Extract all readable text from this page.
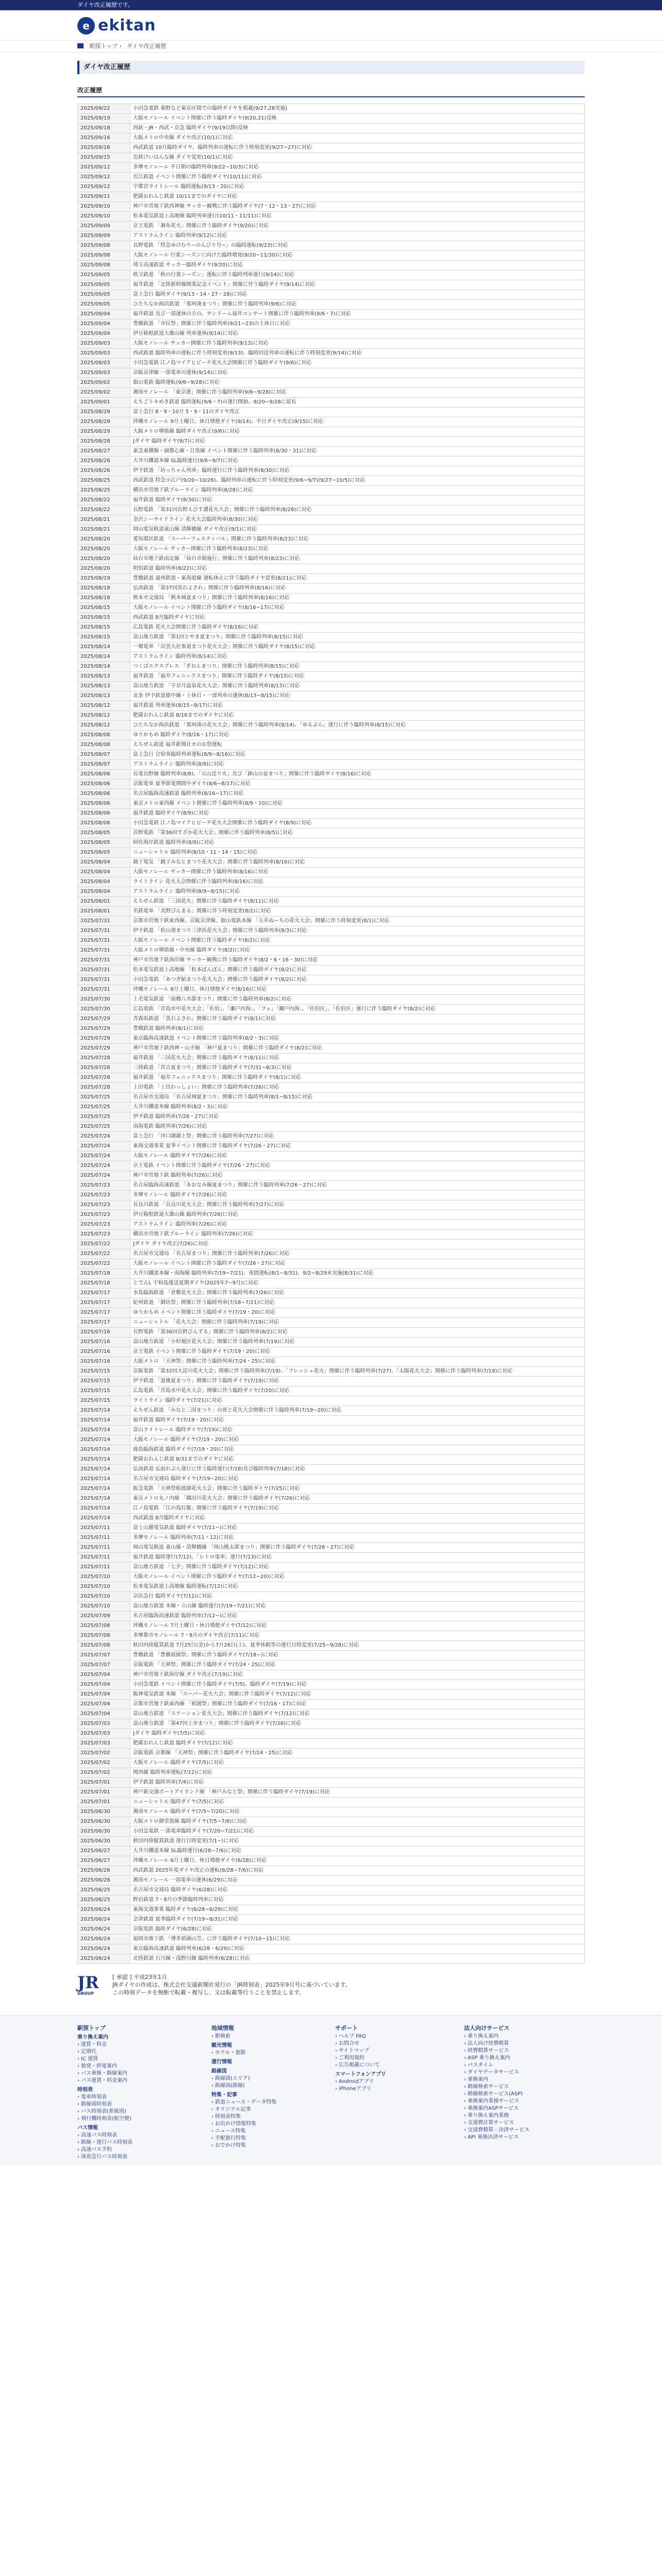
ダイヤ改正履歴です。
e ekitan
駅探トップ › ダイヤ改正履歴
ダイヤ改正履歴
改正履歴
2025/09/22	小田急電鉄 秦野など東京区間での臨時ダイヤを掲載(9/27,28実施)
2025/09/19	大阪モノレール イベント開催に伴う臨時ダイヤ(9/20,21)反映
2025/09/18	西鉄・JR・西武・京急 臨時ダイヤ(9/19以降)反映
2025/09/16	大阪メトロ中央線 ダイヤ改正(10/1)に対応
2025/09/16	西武鉄道 10月臨時ダイヤ、臨時列車の運転に伴う時刻変更(9/27~27)に対応
2025/09/15	近鉄けいはんな線 ダイヤ変更(10/1)に対応
2025/09/12	多摩モノレール 平日朝の臨時列車(9/22~10/3)に対応
2025/09/12	近江鉄道 イベント開催に伴う臨時ダイヤ(10/11)に対応
2025/09/12	宇都宮ライトレール 臨時運転(9/13・20)に対応
2025/09/11	肥薩おれんじ鉄道 10/11までのダイヤに対応
2025/09/10	神戸市営地下鉄西神線 サッカー観戦に伴う臨時ダイヤ(7・12・13・27)に対応
2025/09/10	松本電気鉄道上高地線 臨時列車運行(10/11・11/11)に対応
2025/09/09	京王電鉄 「調布花火」開催に伴う臨時ダイヤ(9/20)に対応
2025/09/09	アストラムライン 臨時列車(9/12)に対応
2025/09/08	長野電鉄 「特急ゆけむり~のんびり号~」の臨時運転(9/23)に対応
2025/09/08	大阪モノレール 行楽シーズンに向けた臨時増発(9/20~11/30)に対応
2025/09/08	埼玉高速鉄道 サッカー臨時ダイヤ(9/20)に対応
2025/09/05	秩父鉄道 「秋の行楽シーズン」運転に伴う臨時列車運行(9/14)に対応
2025/09/05	福井鉄道 「北陸新幹線開業記念イベント」開催に伴う臨時ダイヤ(9/14)に対応
2025/09/05	富士急行 臨時ダイヤ(9/13・14・27・28)に対応
2025/09/05	ひたちなか海浜鉄道 「那珂湊まつり」開催に伴う臨時列車(9/6)に対応
2025/09/04	福井鉄道 及び一部運休の方の、サンドーム福井コンサート開催に伴う臨時列車(9/6・7)に対応
2025/09/04	豊橋鉄道 「市民祭」開催に伴う臨時列車(9/21~23)の土休日に対応
2025/09/04	伊豆箱根鉄道大雄山線 列車運休(9/14)に対応
2025/09/03	大阪モノレール サッカー開催に伴う臨時列車(9/13)に対応
2025/09/03	西武鉄道 臨時列車の運転に伴う時刻変更(9/13)、臨時回送列車の運転に伴う時刻変更(9/14)に対応
2025/09/03	小田急電鉄 江ノ島マイアヒビーチ花火大会開催に伴う臨時ダイヤ(9/6)に対応
2025/09/03	京阪京津線 一部電車の運休(9/14)に対応
2025/09/02	叡山電鉄 臨時運転(9/6~9/28)に対応
2025/09/02	湘南モノレール 「東京港」開催に伴う臨時列車(9/6~9/28)に対応
2025/09/01	えちごトキめき鉄道 臨時運転(9/6・7)の運行開始、9/20~9/28に延長
2025/08/29	富士急行 8・9・10月 5・9・11のダイヤ改正
2025/08/29	沖縄モノレール 9月土曜日、休日増便ダイヤ(9/14)、平日ダイヤ改正(9/15)に対応
2025/08/29	大阪メトロ堺筋線 臨時ダイヤ改正(9/6)に対応
2025/08/28	Jダイヤ 臨時ダイヤ(9/7)に対応
2025/08/27	東急東横線・副都心線・目黒線 イベント開催に伴う臨時列車(8/30・31)に対応
2025/08/26	大井川鐵道本線 SL臨時運行(9/6~9/7)に対応
2025/08/26	伊予鉄道 「坊っちゃん列車」臨時運行に伴う臨時列車(8/30)に対応
2025/08/25	西武鉄道 特急小江戸(9/20~10/26)、臨時列車の運転に伴う時刻変更(9/6~9/7)(9/27~10/5)に対応
2025/08/25	横浜市営地下鉄ブルーライン 臨時列車(8/28)に対応
2025/08/22	福井鉄道 臨時ダイヤ(8/30)に対応
2025/08/22	長野電鉄 「第31回長野えびす講花火大会」開催に伴う臨時列車(8/28)に対応
2025/08/21	金沢シーサイドライン 花火大会臨時列車(8/30)に対応
2025/08/21	岡山電気軌道東山線 清輝橋線 ダイヤ改正(9/1)に対応
2025/08/20	愛知環状鉄道 「スーパーフェスティバル」開催に伴う臨時列車(8/23)に対応
2025/08/20	大阪モノレール サッカー開催に伴う臨時列車(8/23)に対応
2025/08/20	仙台市地下鉄南北線 「仙台市制施行」開催に伴う臨時列車(8/23)に対応
2025/08/20	明知鉄道 臨時列車(8/22)に対応
2025/08/19	豊橋鉄道 遠州鉄道・東海道線 運転休止に伴う臨時ダイヤ変更(8/21)に対応
2025/08/18	弘南鉄道 「第37回黒石よされ」開催に伴う臨時列車(8/16)に対応
2025/08/18	熊本市交通局 「熊本城夏まつり」開催に伴う臨時列車(8/16)に対応
2025/08/15	大阪モノレール イベント開催に伴う臨時ダイヤ(8/16~17)に対応
2025/08/15	西武鉄道 8月臨時ダイヤに対応
2025/08/15	広島電鉄 花火大会開催に伴う臨時ダイヤ(8/16)に対応
2025/08/15	富山地方鉄道 「第1回とやま夏まつり」開催に伴う臨時列車(8/15)に対応
2025/08/14	一畑電車 「出雲大社参道まつり花火大会」開催に伴う臨時ダイヤ(8/15)に対応
2025/08/14	アストラムライン 臨時列車(8/14)に対応
2025/08/14	つくばエクスプレス 「ぎおんまつり」開催に伴う臨時列車(8/15)に対応
2025/08/13	福井鉄道 「福井フェニックスまつり」開催に伴う臨時ダイヤ(8/15)に対応
2025/08/13	富山地方鉄道 「宇奈月温泉花火大会」開催に伴う臨時列車(8/13)に対応
2025/08/13	北条 伊予鉄道郡中線・土休日・一部列車の運休(8/13~8/15)に対応
2025/08/12	福井鉄道 列車運休(8/15~8/17)に対応
2025/08/12	肥薩おれんじ鉄道 8/16までのダイヤに対応
2025/08/12	ひたちなか海浜鉄道 「那珂湊の花火大会」開催に伴う臨時列車(8/14)、「ゆるぷら」運行に伴う臨時列車(8/15)に対応
2025/08/08	ゆりかもめ 臨時ダイヤ(8/16・17)に対応
2025/08/08	えちぜん鉄道 福井新聞社カのお祭運転
2025/08/07	富士急行 合宿客臨時列車運転(8/9~8/16)に対応
2025/08/07	アストラムライン 臨時列車(8/9)に対応
2025/08/06	長電長野線 臨時列車(8/8)、「五山送り火」及び「鉢山の盆まつり」開催に伴う臨時ダイヤ(8/16)に対応
2025/08/06	京阪電車 夏季節電期間中ダイヤ(8/6~8/17)に対応
2025/08/06	名古屋臨海高速鉄道 臨時列車(8/16~17)に対応
2025/08/06	東京メトロ東西線 イベント開催に伴う臨時列車(8/9・10)に対応
2025/08/06	福井鉄道 臨時ダイヤ(8/9)に対応
2025/08/06	小田急電鉄 江ノ島マイアヒビーチ花火大会開催に伴う臨時ダイヤ(8/9)に対応
2025/08/05	長野電鉄 「第36回すざか花火大会」開催に伴う臨時列車(8/5)に対応
2025/08/05	阿佐海岸鉄道 臨時列車(8/9)に対応
2025/08/05	ニューシャトル 臨時列車(8/10・11・14・15)に対応
2025/08/04	銚子電気 「銚子みなとまつり花火大会」開催に伴う臨時列車(8/16)に対応
2025/08/04	大阪モノレール サッカー開催に伴う臨時列車(8/16)に対応
2025/08/04	ライトライン 花火大会開催に伴う臨時列車(8/16)に対応
2025/08/04	アストラムライン 臨時列車(8/9~8/15)に対応
2025/08/01	えちぜん鉄道 「三国花火」開催に伴う臨時ダイヤ(8/11)に対応
2025/08/01	名鉄電車 「美野ぴんまる」開催に伴う時刻変更(8/2)に対応
2025/07/31	京都市営地下鉄東西線、京阪京津線、叡山電鉄本線 「五井ぬーちの花火大会」開催に伴う時刻変更(8/1)に対応
2025/07/31	伊予鉄道 「松山港まつり三津浜花火大会」開催に伴う臨時列車(8/3)に対応
2025/07/31	大阪モノレール イベント開催に伴う臨時ダイヤ(8/2)に対応
2025/07/31	大阪メトロ堺筋線・中央線 臨時ダイヤ(8/2)に対応
2025/07/31	神戸市営地下鉄海岸線 サッカー観戦に伴う臨時ダイヤ(8/2・6・16・30)に対応
2025/07/31	松本電気鉄道上高地線 「松本ぼんぼん」開催に伴う臨時ダイヤ(8/2)に対応
2025/07/31	小田急電鉄 「あつぎ鮎まつり花火大会」開催に伴う臨時ダイヤ(8/2)に対応
2025/07/31	沖縄モノレール 8月土曜日、休日増便ダイヤ(8/16)に対応
2025/07/30	上毛電気鉄道 「前橋八木節まつり」開催に伴う臨時列車(8/2)に対応
2025/07/30	広島電鉄 「宮島水中花火大会」「佐伯」、「瀬戸内海」、「フェ」「瀬戸内海」、「佐伯区」、「佐伯区」運行に伴う臨時ダイヤ(8/2)に対応
2025/07/29	青森県鉄道 「黒石よされ」開催に伴う臨時ダイヤ(8/1)に対応
2025/07/29	豊橋鉄道 臨時列車(8/1)に対応
2025/07/29	東京臨海高速鉄道 イベント開催に伴う臨時列車(8/2・3)に対応
2025/07/29	神戸市営地下鉄西神・山手線 「神戸夏まつり」開催に伴う臨時ダイヤ(8/2)に対応
2025/07/28	福井鉄道 「三国花火大会」開催に伴う臨時ダイヤ(8/11)に対応
2025/07/28	三陸鉄道 「宮古夏まつり」開催に伴う臨時ダイヤ(7/31~8/3)に対応
2025/07/28	福井鉄道 「福井フェニックスまつり」開催に伴う臨時ダイヤ(8/1)に対応
2025/07/28	上田電鉄 「上田わっしょい」開催に伴う臨時列車(7/26)に対応
2025/07/25	名古屋市交通局 「名古屋城夏まつり」開催に伴う臨時列車(8/1~8/15)に対応
2025/07/25	大井川鐵道本線 臨時列車(8/2・3)に対応
2025/07/25	伊予鉄道 臨時列車(7/26・27)に対応
2025/07/25	南海電鉄 臨時列車(7/26)に対応
2025/07/24	富士急行 「河口湖湖上祭」開催に伴う臨時列車(7/27)に対応
2025/07/24	東海交通事業 夏季イベント開催に伴う臨時ダイヤ(7/26・27)に対応
2025/07/24	大阪モノレール 臨時ダイヤ(7/26)に対応
2025/07/24	京王電鉄 イベント開催に伴う臨時ダイヤ(7/26・27)に対応
2025/07/24	神戸市営地下鉄 臨時列車(7/26)に対応
2025/07/23	名古屋臨海高速鉄道 「あおなみ線夏まつり」開催に伴う臨時列車(7/26・27)に対応
2025/07/23	多摩モノレール 臨時ダイヤ(7/26)に対応
2025/07/23	長良川鉄道 「長良川花火大会」開催に伴う臨時列車(7/27)に対応
2025/07/23	伊豆箱根鉄道大雄山線 臨時列車(7/26)に対応
2025/07/23	アストラムライン 臨時列車(7/26)に対応
2025/07/23	横浜市営地下鉄ブルーライン 臨時列車(7/26)に対応
2025/07/22	Jダイヤ ダイヤ改正(7/26)に対応
2025/07/22	名古屋市交通局 「名古屋まつり」開催に伴う臨時列車(7/26)に対応
2025/07/22	大阪モノレール イベント開催に伴う臨時ダイヤ(7/26・27)に対応
2025/07/18	大井川鐵道本線・南海線 臨時列車(7/19~7/21)、夜間運転(8/1~8/31)、9/2~8/29未実施(8/31)に対応
2025/07/18	とでんL 宇和島運送夏期ダイヤ(2025年7~9月)に対応
2025/07/17	水島臨海鉄道 「倉敷花火大会」開催に伴う臨時列車(7/26)に対応
2025/07/17	紀州鉄道 「御坊祭」開催に伴う臨時列車(7/18~7/21)に対応
2025/07/17	ゆりかもめ イベント開催に伴う臨時ダイヤ(7/19・20)に対応
2025/07/17	ニューシャトル 「花火大会」開催に伴う臨時列車(7/19)に対応
2025/07/16	長野電鉄 「第36回長野びんずる」開催に伴う臨時列車(8/2)に対応
2025/07/16	富山地方鉄道 「小杉地区花火大会」開催に伴う臨時列車(7/19)に対応
2025/07/16	京王電鉄 イベント開催に伴う臨時ダイヤ(7/19・20)に対応
2025/07/16	大阪メトロ 「天神祭」開催に伴う臨時列車(7/24・25)に対応
2025/07/15	京阪電鉄 「第32回大淀川花火大会」開催に伴う臨時列車(7/19)、「フレッシュ花火」開催に伴う臨時列車(7/27)、「太陽花火大会」開催に伴う臨時列車(7/19)に対応
2025/07/15	伊予鉄道 「道後夏まつり」開催に伴う臨時ダイヤ(7/19)に対応
2025/07/15	広島電鉄 「宮島水中花火大会」開催に伴う臨時ダイヤ(7/20)に対応
2025/07/15	ライトライン 臨時ダイヤ(7/21)に対応
2025/07/14	えちぜん鉄道 「みなと三国まつり」の夜と花火大会開催に伴う臨時列車(7/19~20)に対応
2025/07/14	福井鉄道 臨時ダイヤ(7/19・20)に対応
2025/07/14	富山ライトレール 臨時ダイヤ(7/19)に対応
2025/07/14	大阪モノレール 臨時ダイヤ(7/19・20)に対応
2025/07/14	鹿島臨海鉄道 臨時ダイヤ(7/19・20)に対応
2025/07/14	肥薩おれんじ鉄道 8/31までのダイヤに対応
2025/07/14	弘南鉄道 弘前れぷら運行に伴う臨時運行(7/18)及び臨時列車(7/18)に対応
2025/07/14	名古屋市交通局 臨時ダイヤ(7/19~20)に対応
2025/07/14	阪急電鉄 「天神祭船渡御花火大会」開催に伴う臨時ダイヤ(7/25)に対応
2025/07/14	東京メトロ丸ノ内線 「隅田川花火大会」開催に伴う臨時ダイヤ(7/26)に対応
2025/07/14	江ノ島電鉄 「江の島灯籠」開催に伴う臨時ダイヤ(7/19)に対応
2025/07/14	西武鉄道 8月臨時ダイヤに対応
2025/07/11	富士山麓電気鉄道 臨時ダイヤ(7/11~)に対応
2025/07/11	多摩モノレール 臨時列車(7/11・12)に対応
2025/07/11	岡山電気軌道 東山線・清輝橋線 「岡山桃太郎まつり」開催に伴う臨時ダイヤ(7/26・27)に対応
2025/07/11	福井鉄道 臨時運行(7/12)、「レトロ電車」運行(7/13)に対応
2025/07/11	富山地方鉄道 「七夕」開催に伴う臨時ダイヤ(7/12)に対応
2025/07/10	大阪モノレール イベント開催に伴う臨時ダイヤ(7/12~20)に対応
2025/07/10	松本電気鉄道上高地線 臨時運転(7/12)に対応
2025/07/10	京浜急行 臨時ダイヤ(7/12)に対応
2025/07/10	富山地方鉄道 本線・立山線 臨時運行(7/19~7/21)に対応
2025/07/09	名古屋臨海高速鉄道 臨時列車(7/12~)に対応
2025/07/08	沖縄モノレール 7月土曜日・休日増便ダイヤ(7/12)に対応
2025/07/08	多摩都市モノレール 7・8月のダイヤ改正(7/11)に対応
2025/07/08	秋田内陸縦貫鉄道 7月25日(金)から7月26日(土)、夏季休暇等の運行日時変更(7/25~9/28)に対応
2025/07/07	豊橋鉄道 「豊橋祇園祭」開催に伴う臨時ダイヤ(7/18~)に対応
2025/07/07	京阪電鉄 「天神祭」開催に伴う臨時ダイヤ(7/24・25)に対応
2025/07/04	神戸市営地下鉄海岸線 ダイヤ改正(7/19)に対応
2025/07/04	小田急電鉄 イベント開催に伴う臨時ダイヤ(7/5)、臨時ダイヤ(7/19)に対応
2025/07/04	阪神電気鉄道 本線 「スーパー花火大会」開催に伴う臨時ダイヤ(7/12)に対応
2025/07/04	京都市営地下鉄東西線 「祇園祭」開催に伴う臨時ダイヤ(7/16・17)に対応
2025/07/04	富山地方鉄道 「ステーション花火大会」開催に伴う臨時ダイヤ(7/12)に対応
2025/07/03	富山地方鉄道 「第47回上市まつり」開催に伴う臨時ダイヤ(7/26)に対応
2025/07/03	Jダイヤ 臨時ダイヤ(7/5)に対応
2025/07/03	肥薩おれんじ鉄道 臨時ダイヤ(7/12)に対応
2025/07/02	京阪電鉄 京都線 「天神祭」開催に伴う臨時ダイヤ(7/24・25)に対応
2025/07/02	大阪モノレール 臨時ダイヤ(7/5)に対応
2025/07/02	関西線 臨時列車運転(7/12)に対応
2025/07/01	伊予鉄道 臨時列車(7/4)に対応
2025/07/01	神戸新交通ポートアイランド線 「神戸みなと祭」開催に伴う臨時ダイヤ(7/19)に対応
2025/07/01	ニューシャトル 臨時ダイヤ(7/5)に対応
2025/06/30	湘南モノレール 臨時ダイヤ(7/5~7/20)に対応
2025/06/30	大阪メトロ御堂筋線 臨時ダイヤ(7/5~7/6)に対応
2025/06/30	小田急電鉄 一部電車臨時ダイヤ(7/20~7/21)に対応
2025/06/30	秋田内陸縦貫鉄道 運行日時変更(7/1~)に対応
2025/06/27	大井川鐵道本線 SL臨時運行(6/28~7/6)に対応
2025/06/27	沖縄モノレール 6月土曜日、休日増便ダイヤ(6/28)に対応
2025/06/26	西武鉄道 2025年度ダイヤ改正の運転(6/28~7/6)に対応
2025/06/26	湘南モノレール 一部電車の運休(6/29)に対応
2025/06/25	名古屋市交通局 臨時ダイヤ(6/28)に対応
2025/06/25	野岩鉄道 7・8月の季節臨時列車に対応
2025/06/24	東海交通事業 臨時ダイヤ(6/28~6/29)に対応
2025/06/24	会津鉄道 夏季臨時ダイヤ(7/19~8/31)に対応
2025/06/24	京阪電鉄 臨時ダイヤ(6/28)に対応
2025/06/24	福岡市地下鉄 「博多祇園山笠」に伴う臨時ダイヤ(7/10~15)に対応
2025/06/24	東京臨海高速鉄道 臨時列車(6/28・6/29)に対応
2025/06/24	北陸鉄道 石川線・浅野川線 臨時列車(6/28)に対応
JR
GROUP
[ 承認 ] 平成23年1月
JRダイヤの作成は、株式会社交通新聞社発行の「JR時刻表」2025年9月号に基づいています。
この時刻データを無断で転載・複写し、又は転載等行うことを禁止します。
駅探トップ
乗り換え案内
› 運賃・料金
› 定期代
› IC 運賃
› 始発・終電案内
› バス乗換・路線案内
› バス運賃・料金案内
時刻表
› 電車時刻表
› 路線図時刻表
› バス時刻表(系統別)
› 飛行機時刻表(航空便)
バス情報
› 高速バス時刻表
› 路線・運行バス時刻表
› 高速バス予約
› 深夜急行バス時刻表
地域情報
› 駅検索
観光情報
› ホテル・旅館
運行情報
路線図
› 路線図(エリア)
› 路線図(路線)
特集・記事
› 鉄道ニュース・データ特集
› オリジナル記事
› 時刻表特集
› お出かけ情報特集
› ニュース特集
› 手配旅行特集
› おでかけ特集
サポート
› ヘルプ FAQ
› お問合せ
› サイトマップ
› ご利用規約
› 広告掲載について
スマートフォンアプリ
› Androidアプリ
› iPhoneアプリ
法人向けサービス
› 乗り換え案内
› 法人向け経費精算
› 経費精算サービス
› ASP 乗り換え案内
› パスタイム
› ダイヤデータサービス
› 乗換案内
› 路線検索サービス
› 路線検索サービス(ASP)
› 乗換案内業務サービス
› 乗換案内ASPサービス
› 乗り換え案内業務
› 交通費計算サービス
› 交通費精算 - 決済サービス
› API 乗換決済サービス
